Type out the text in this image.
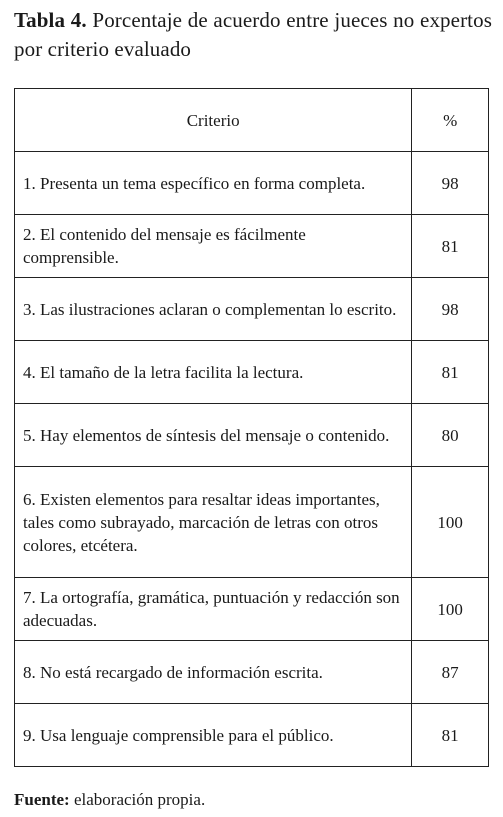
Tabla 4. Porcentaje de acuerdo entre jueces no expertos por criterio evaluado
Criterio	%
1. Presenta un tema específico en forma completa.	98
2. El contenido del mensaje es fácilmente comprensible.	81
3. Las ilustraciones aclaran o complementan lo escrito.	98
4. El tamaño de la letra facilita la lectura.	81
5. Hay elementos de síntesis del mensaje o contenido.	80
6. Existen elementos para resaltar ideas importantes, tales como subrayado, marcación de letras con otros colores, etcétera.	100
7. La ortografía, gramática, puntuación y redacción son adecuadas.	100
8. No está recargado de información escrita.	87
9. Usa lenguaje comprensible para el público.	81
Fuente: elaboración propia.
